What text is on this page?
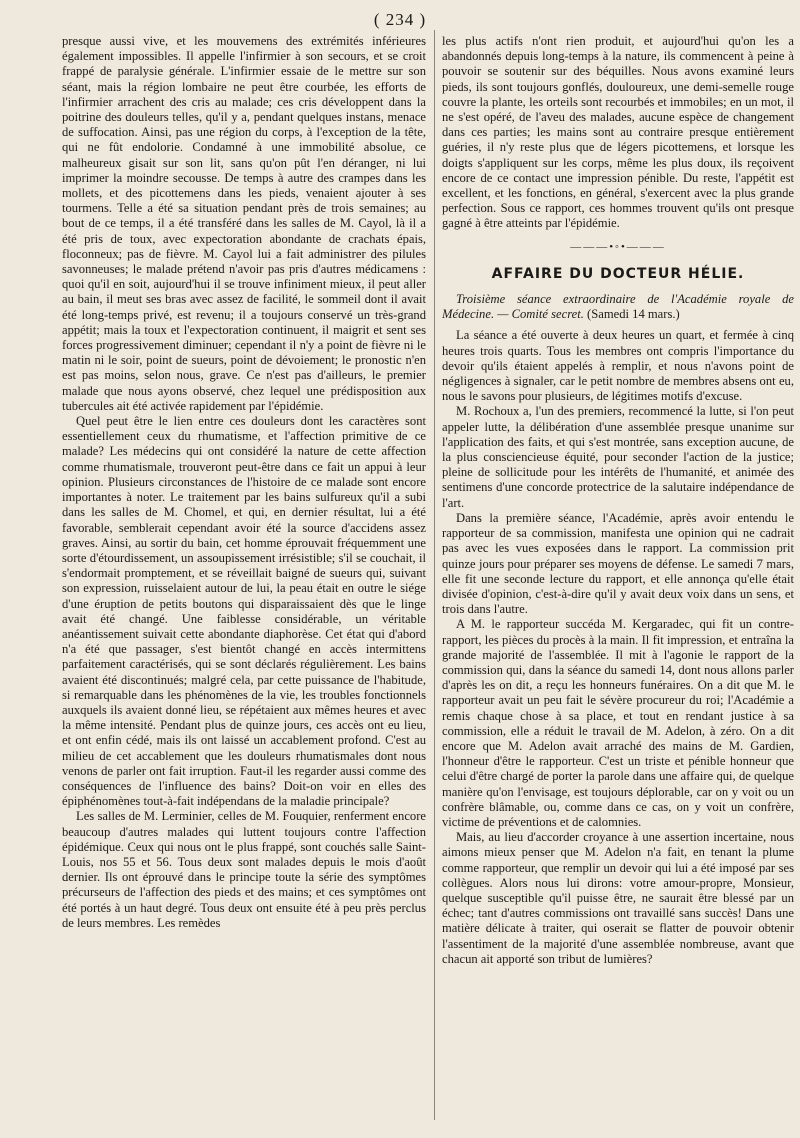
( 234 )

presque aussi vive, et les mouvemens des extrémités inférieures également impossibles. Il appelle l'infirmier à son secours, et se croit frappé de paralysie générale. L'infirmier essaie de le mettre sur son séant, mais la région lombaire ne peut être courbée, les efforts de l'infirmier arrachent des cris au malade; ces cris développent dans la poitrine des douleurs telles, qu'il y a, pendant quelques instans, menace de suffocation. Ainsi, pas une région du corps, à l'exception de la tête, qui ne fût endolorie. Condamné à une immobilité absolue, ce malheureux gisait sur son lit, sans qu'on pût l'en déranger, ni lui imprimer la moindre secousse. De temps à autre des crampes dans les mollets, et des picottemens dans les pieds, venaient ajouter à ses tourmens. Telle a été sa situation pendant près de trois semaines; au bout de ce temps, il a été transféré dans les salles de M. Cayol, là il a été pris de toux, avec expectoration abondante de crachats épais, floconneux; pas de fièvre. M. Cayol lui a fait administrer des pilules savonneuses; le malade prétend n'avoir pas pris d'autres médicamens : quoi qu'il en soit, aujourd'hui il se trouve infiniment mieux, il peut aller au bain, il meut ses bras avec assez de facilité, le sommeil dont il avait été long-temps privé, est revenu; il a toujours conservé un très-grand appétit; mais la toux et l'expectoration continuent, il maigrit et sent ses forces progressivement diminuer; cependant il n'y a point de fièvre ni le matin ni le soir, point de sueurs, point de dévoiement; le pronostic n'en est pas moins, selon nous, grave. Ce n'est pas d'ailleurs, le premier malade que nous ayons observé, chez lequel une prédisposition aux tubercules ait été activée rapidement par l'épidémie.

Quel peut être le lien entre ces douleurs dont les caractères sont essentiellement ceux du rhumatisme, et l'affection primitive de ce malade? Les médecins qui ont considéré la nature de cette affection comme rhumatismale, trouveront peut-être dans ce fait un appui à leur opinion. Plusieurs circonstances de l'histoire de ce malade sont encore importantes à noter. Le traitement par les bains sulfureux qu'il a subi dans les salles de M. Chomel, et qui, en dernier résultat, lui a été favorable, semblerait cependant avoir été la source d'accidens assez graves. Ainsi, au sortir du bain, cet homme éprouvait fréquemment une sorte d'étourdissement, un assoupissement irrésistible; s'il se couchait, il s'endormait promptement, et se réveillait baigné de sueurs qui, suivant son expression, ruisselaient autour de lui, la peau était en outre le siége d'une éruption de petits boutons qui disparaissaient dès que le linge avait été changé. Une faiblesse considérable, un véritable anéantissement suivait cette abondante diaphorèse. Cet état qui d'abord n'a été que passager, s'est bientôt changé en accès intermittens parfaitement caractérisés, qui se sont déclarés régulièrement. Les bains avaient été discontinués; malgré cela, par cette puissance de l'habitude, si remarquable dans les phénomènes de la vie, les troubles fonctionnels auxquels ils avaient donné lieu, se répétaient aux mêmes heures et avec la même intensité. Pendant plus de quinze jours, ces accès ont eu lieu, et ont enfin cédé, mais ils ont laissé un accablement profond. C'est au milieu de cet accablement que les douleurs rhumatismales dont nous venons de parler ont fait irruption. Faut-il les regarder aussi comme des conséquences de l'influence des bains? Doit-on voir en elles des épiphénomènes tout-à-fait indépendans de la maladie principale?

Les salles de M. Lerminier, celles de M. Fouquier, renferment encore beaucoup d'autres malades qui luttent toujours contre l'affection épidémique. Ceux qui nous ont le plus frappé, sont couchés salle Saint-Louis, nos 55 et 56. Tous deux sont malades depuis le mois d'août dernier. Ils ont éprouvé dans le principe toute la série des symptômes précurseurs de l'affection des pieds et des mains; et ces symptômes ont été portés à un haut degré. Tous deux ont ensuite été à peu près perclus de leurs membres. Les remèdes

les plus actifs n'ont rien produit, et aujourd'hui qu'on les a abandonnés depuis long-temps à la nature, ils commencent à peine à pouvoir se soutenir sur des béquilles. Nous avons examiné leurs pieds, ils sont toujours gonflés, douloureux, une demi-semelle rouge couvre la plante, les orteils sont recourbés et immobiles; en un mot, il ne s'est opéré, de l'aveu des malades, aucune espèce de changement dans ces parties; les mains sont au contraire presque entièrement guéries, il n'y reste plus que de légers picottemens, et lorsque les doigts s'appliquent sur les corps, même les plus doux, ils reçoivent encore de ce contact une impression pénible. Du reste, l'appétit est excellent, et les fonctions, en général, s'exercent avec la plus grande perfection. Sous ce rapport, ces hommes trouvent qu'ils ont presque gagné à être atteints par l'épidémie.

———•◦•———
AFFAIRE DU DOCTEUR HÉLIE.

Troisième séance extraordinaire de l'Académie royale de Médecine. — Comité secret. (Samedi 14 mars.)

La séance a été ouverte à deux heures un quart, et fermée à cinq heures trois quarts. Tous les membres ont compris l'importance du devoir qu'ils étaient appelés à remplir, et nous n'avons point de négligences à signaler, car le petit nombre de membres absens ont eu, nous le savons pour plusieurs, de légitimes motifs d'excuse.

M. Rochoux a, l'un des premiers, recommencé la lutte, si l'on peut appeler lutte, la délibération d'une assemblée presque unanime sur l'application des faits, et qui s'est montrée, sans exception aucune, de la plus consciencieuse équité, pour seconder l'action de la justice; pleine de sollicitude pour les intérêts de l'humanité, et animée des sentimens d'une concorde protectrice de la salutaire indépendance de l'art.

Dans la première séance, l'Académie, après avoir entendu le rapporteur de sa commission, manifesta une opinion qui ne cadrait pas avec les vues exposées dans le rapport. La commission prit quinze jours pour préparer ses moyens de défense. Le samedi 7 mars, elle fit une seconde lecture du rapport, et elle annonça qu'elle était divisée d'opinion, c'est-à-dire qu'il y avait deux voix dans un sens, et trois dans l'autre.

A M. le rapporteur succéda M. Kergaradec, qui fit un contre-rapport, les pièces du procès à la main. Il fit impression, et entraîna la grande majorité de l'assemblée. Il mit à l'agonie le rapport de la commission qui, dans la séance du samedi 14, dont nous allons parler d'après les on dit, a reçu les honneurs funéraires. On a dit que M. le rapporteur avait un peu fait le sévère procureur du roi; l'Académie a remis chaque chose à sa place, et tout en rendant justice à sa commission, elle a réduit le travail de M. Adelon, à zéro. On a dit encore que M. Adelon avait arraché des mains de M. Gardien, l'honneur d'être le rapporteur. C'est un triste et pénible honneur que celui d'être chargé de porter la parole dans une affaire qui, de quelque manière qu'on l'envisage, est toujours déplorable, car on y voit ou un confrère blâmable, ou, comme dans ce cas, on y voit un confrère, victime de préventions et de calomnies.

Mais, au lieu d'accorder croyance à une assertion incertaine, nous aimons mieux penser que M. Adelon n'a fait, en tenant la plume comme rapporteur, que remplir un devoir qui lui a été imposé par ses collègues. Alors nous lui dirons: votre amour-propre, Monsieur, quelque susceptible qu'il puisse être, ne saurait être blessé par un échec; tant d'autres commissions ont travaillé sans succès! Dans une matière délicate à traiter, qui oserait se flatter de pouvoir obtenir l'assentiment de la majorité d'une assemblée nombreuse, avant que chacun ait apporté son tribut de lumières?
